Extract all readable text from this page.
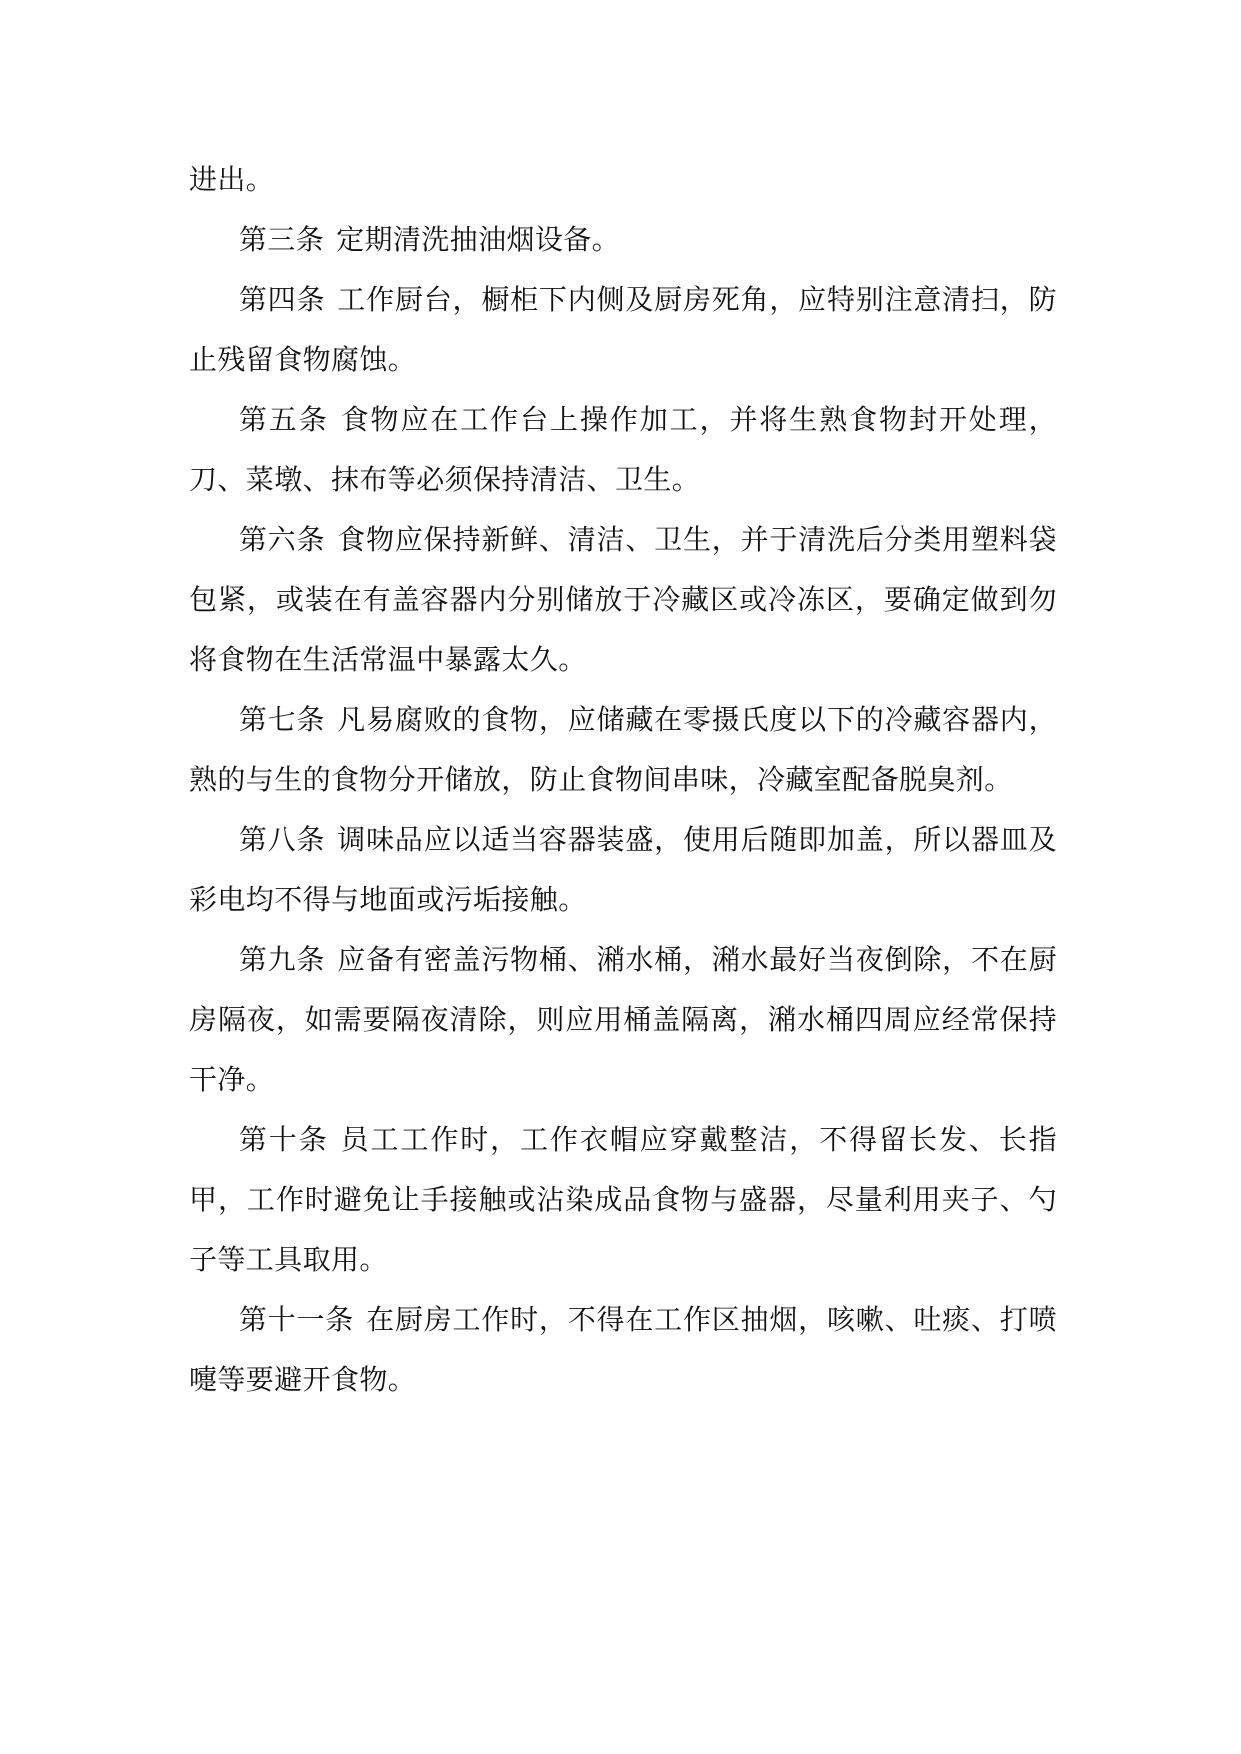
进出。

第三条 定期清洗抽油烟设备。

第四条 工作厨台，橱柜下内侧及厨房死角，应特别注意清扫，防止残留食物腐蚀。

第五条 食物应在工作台上操作加工，并将生熟食物封开处理，刀、菜墩、抹布等必须保持清洁、卫生。

第六条 食物应保持新鲜、清洁、卫生，并于清洗后分类用塑料袋包紧，或装在有盖容器内分别储放于冷藏区或冷冻区，要确定做到勿将食物在生活常温中暴露太久。

第七条 凡易腐败的食物，应储藏在零摄氏度以下的冷藏容器内，熟的与生的食物分开储放，防止食物间串味，冷藏室配备脱臭剂。

第八条 调味品应以适当容器装盛，使用后随即加盖，所以器皿及彩电均不得与地面或污垢接触。

第九条 应备有密盖污物桶、潲水桶，潲水最好当夜倒除，不在厨房隔夜，如需要隔夜清除，则应用桶盖隔离，潲水桶四周应经常保持干净。

第十条 员工工作时，工作衣帽应穿戴整洁，不得留长发、长指甲，工作时避免让手接触或沾染成品食物与盛器，尽量利用夹子、勺子等工具取用。

第十一条 在厨房工作时，不得在工作区抽烟，咳嗽、吐痰、打喷嚏等要避开食物。
